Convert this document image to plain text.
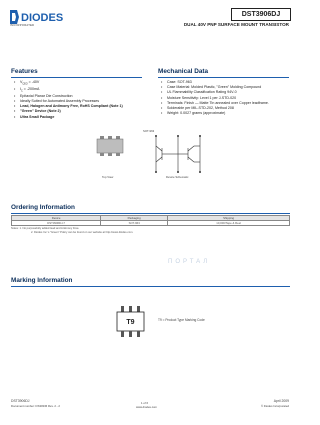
DIODES
INCORPORATED
DST3906DJ
DUAL 40V PNP SURFACE MOUNT TRANSISTOR
Features
• $V_{CEO} = -40V$
• $I_C = -200mA$
• Epitaxial Planar Die Construction
• Ideally Suited for Automated Assembly Processes
• Lead, Halogen and Antimony Free, RoHS Compliant (Note 1)
• "Green" Device (Note 2)
• Ultra Small Package
Mechanical Data
• Case: SOT-963
• Case Material: Molded Plastic, "Green" Molding Compound
• UL Flammability Classification Rating 94V-0
• Moisture Sensitivity: Level 1 per J-STD-020
• Terminals: Finish — Matte Tin annealed over Copper leadframe.
• Solderable per MIL-STD-202, Method 208
• Weight: 0.0027 grams (approximate)
SOT-963
Top View	Device Schematic
Ordering Information
Device	Packaging	Shipping
DST3906DJ-7	SOT-963	10,000/Tape & Reel
Notes: 1. No purposefully added lead and Antimony Free.
2. Diodes Inc.'s "Green" Policy can be found on our website at http://www.diodes.com.
ПОРТАЛ
Marking Information
T9	T9 = Product Type Marking Code
DST3906DJ
Document number: DS30336 Rev. 2 - 2
1 of 6
www.diodes.com
April 2009
© Diodes Incorporated
